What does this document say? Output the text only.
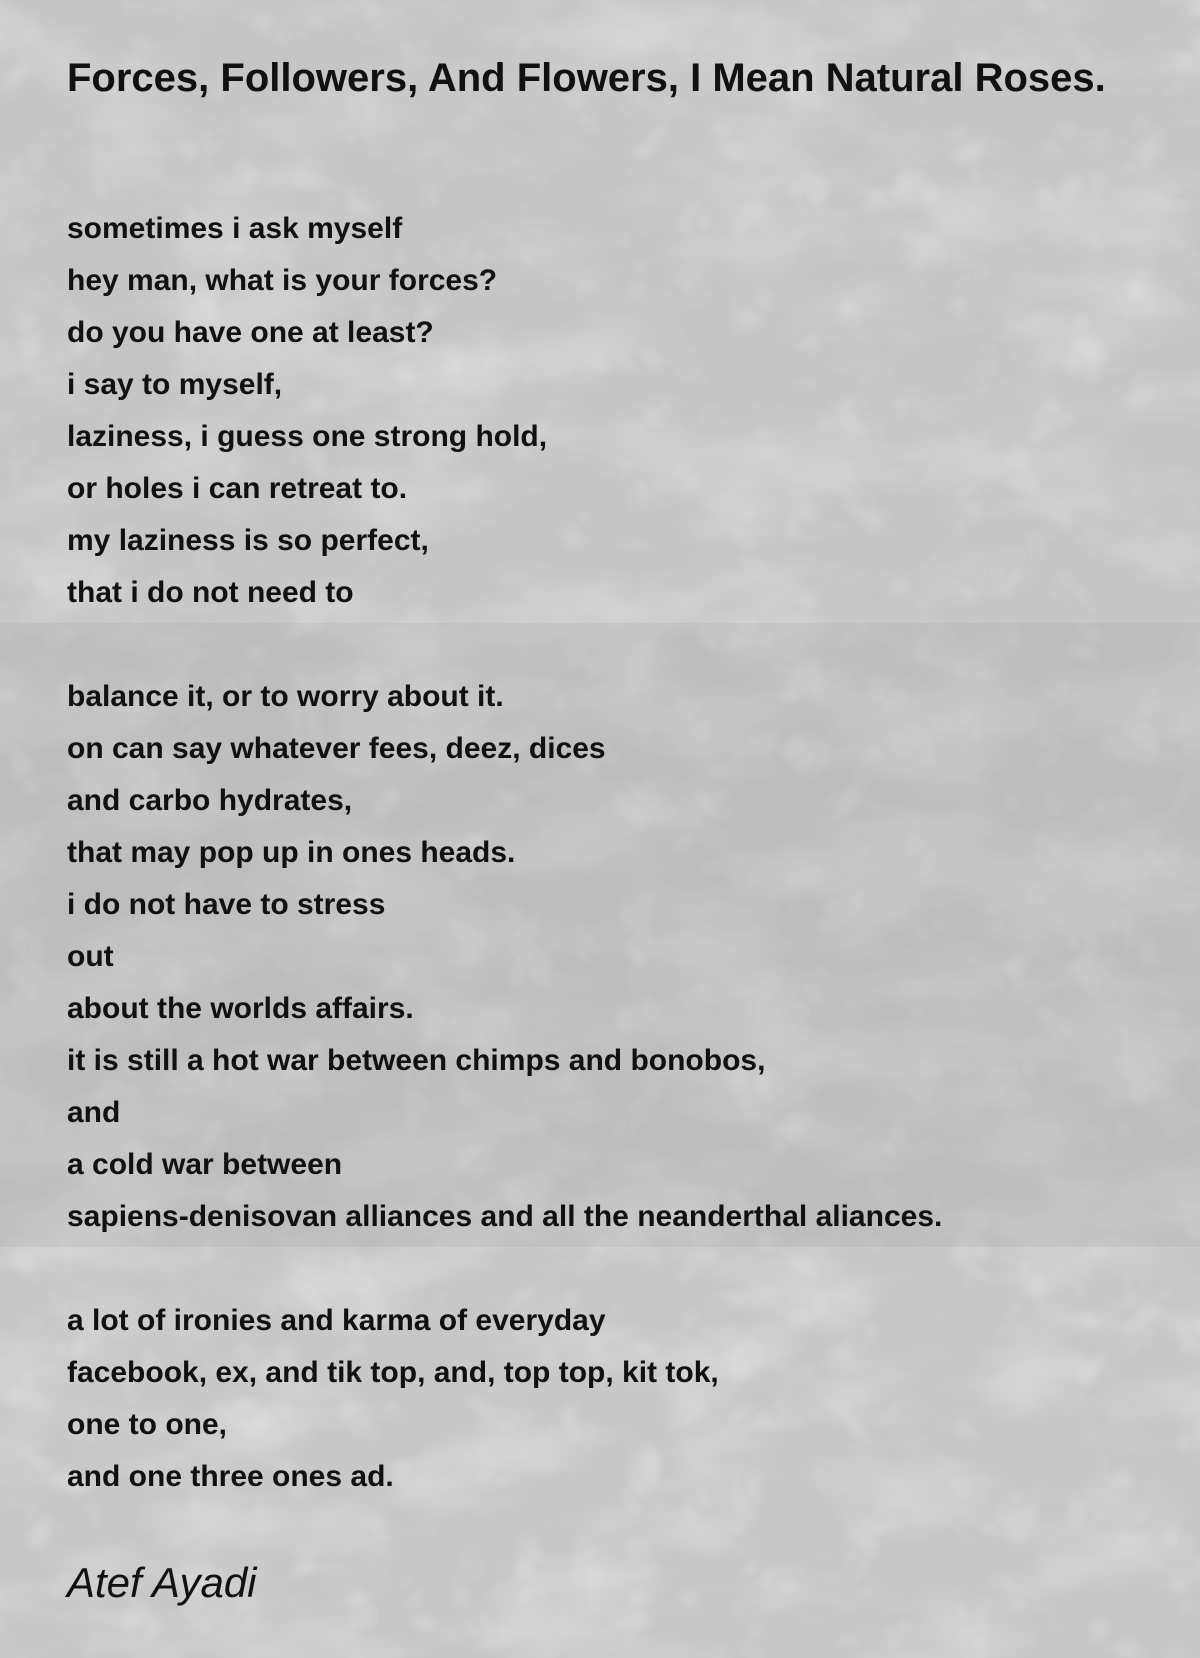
Forces, Followers, And Flowers, I Mean Natural Roses.
sometimes i ask myself
hey man, what is your forces?
do you have one at least?
i say to myself,
laziness, i guess one strong hold,
or holes i can retreat to.
my laziness is so perfect,
that i do not need to
balance it, or to worry about it.
on can say whatever fees, deez, dices
and carbo hydrates,
that may pop up in ones heads.
i do not have to stress
out
about the worlds affairs.
it is still a hot war between chimps and bonobos,
and
a cold war between
sapiens-denisovan alliances and all the neanderthal aliances.
a lot of ironies and karma of everyday
facebook, ex, and tik top, and, top top, kit tok,
one to one,
and one three ones ad.

Atef Ayadi
